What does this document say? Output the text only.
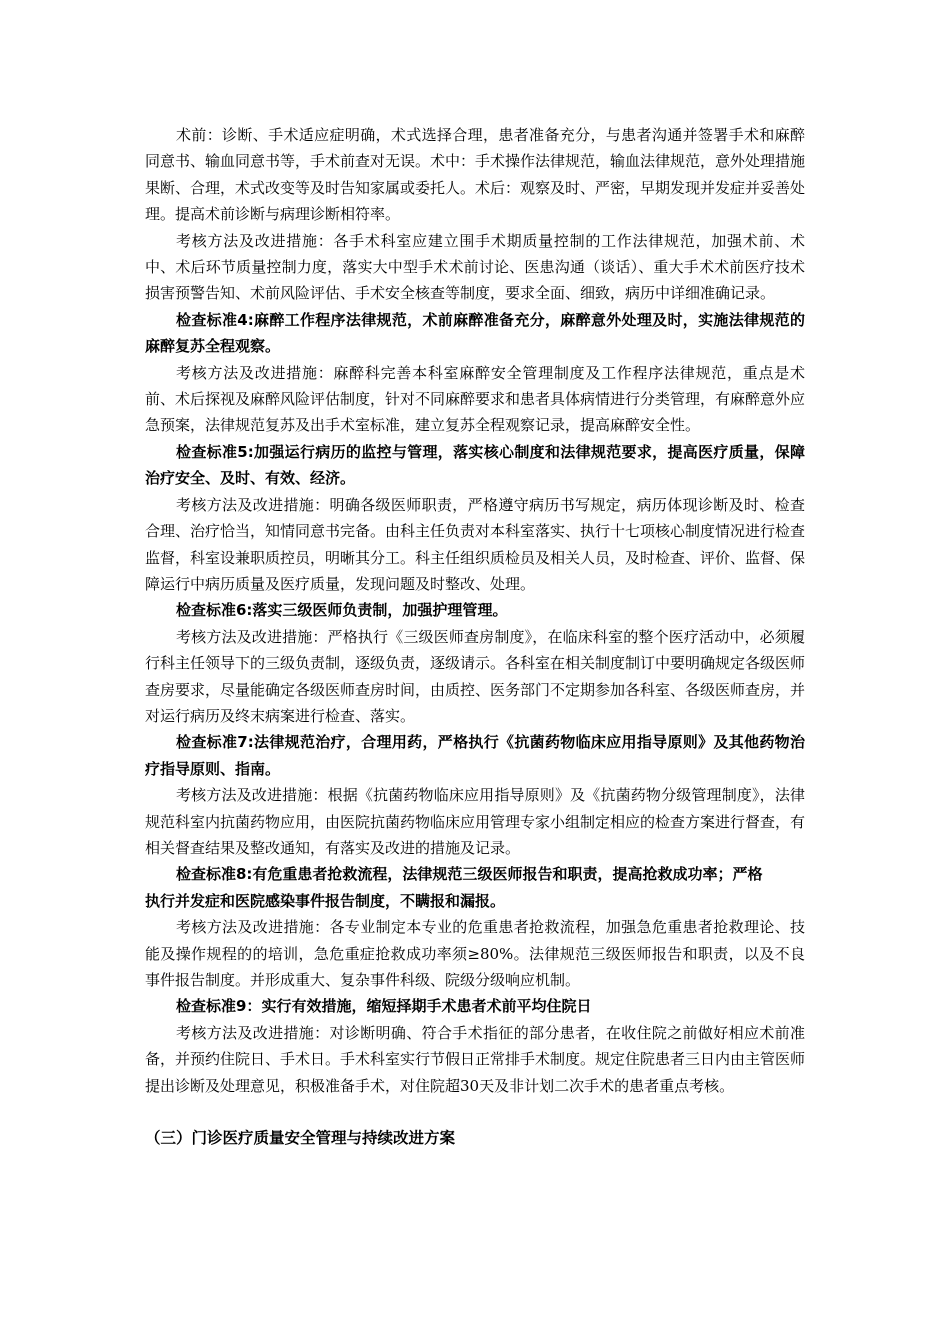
术前：诊断、手术适应症明确，术式选择合理，患者准备充分，与患者沟通并签署手术和麻醉同意书、输血同意书等，手术前查对无误。术中：手术操作法律规范，输血法律规范，意外处理措施果断、合理，术式改变等及时告知家属或委托人。术后：观察及时、严密，早期发现并发症并妥善处理。提高术前诊断与病理诊断相符率。

考核方法及改进措施：各手术科室应建立围手术期质量控制的工作法律规范，加强术前、术中、术后环节质量控制力度，落实大中型手术术前讨论、医患沟通（谈话）、重大手术术前医疗技术损害预警告知、术前风险评估、手术安全核查等制度，要求全面、细致，病历中详细准确记录。

检查标准4:麻醉工作程序法律规范，术前麻醉准备充分，麻醉意外处理及时，实施法律规范的麻醉复苏全程观察。

考核方法及改进措施：麻醉科完善本科室麻醉安全管理制度及工作程序法律规范，重点是术前、术后探视及麻醉风险评估制度，针对不同麻醉要求和患者具体病情进行分类管理，有麻醉意外应急预案，法律规范复苏及出手术室标准，建立复苏全程观察记录，提高麻醉安全性。

检查标准5:加强运行病历的监控与管理，落实核心制度和法律规范要求，提高医疗质量，保障治疗安全、及时、有效、经济。

考核方法及改进措施：明确各级医师职责，严格遵守病历书写规定，病历体现诊断及时、检查合理、治疗恰当，知情同意书完备。由科主任负责对本科室落实、执行十七项核心制度情况进行检查监督，科室设兼职质控员，明晰其分工。科主任组织质检员及相关人员，及时检查、评价、监督、保障运行中病历质量及医疗质量，发现问题及时整改、处理。

检查标准6:落实三级医师负责制，加强护理管理。

考核方法及改进措施：严格执行《三级医师查房制度》，在临床科室的整个医疗活动中，必须履行科主任领导下的三级负责制，逐级负责，逐级请示。各科室在相关制度制订中要明确规定各级医师查房要求，尽量能确定各级医师查房时间，由质控、医务部门不定期参加各科室、各级医师查房，并对运行病历及终末病案进行检查、落实。

检查标准7:法律规范治疗，合理用药，严格执行《抗菌药物临床应用指导原则》及其他药物治疗指导原则、指南。

考核方法及改进措施：根据《抗菌药物临床应用指导原则》及《抗菌药物分级管理制度》，法律规范科室内抗菌药物应用，由医院抗菌药物临床应用管理专家小组制定相应的检查方案进行督查，有相关督查结果及整改通知，有落实及改进的措施及记录。

检查标准8:有危重患者抢救流程，法律规范三级医师报告和职责，提高抢救成功率；严格

执行并发症和医院感染事件报告制度，不瞒报和漏报。

考核方法及改进措施：各专业制定本专业的危重患者抢救流程，加强急危重患者抢救理论、技能及操作规程的的培训，急危重症抢救成功率须≥80%。法律规范三级医师报告和职责，以及不良事件报告制度。并形成重大、复杂事件科级、院级分级响应机制。

检查标准9：实行有效措施，缩短择期手术患者术前平均住院日

考核方法及改进措施：对诊断明确、符合手术指征的部分患者，在收住院之前做好相应术前准备，并预约住院日、手术日。手术科室实行节假日正常排手术制度。规定住院患者三日内由主管医师提出诊断及处理意见，积极准备手术，对住院超30天及非计划二次手术的患者重点考核。

（三）门诊医疗质量安全管理与持续改进方案
